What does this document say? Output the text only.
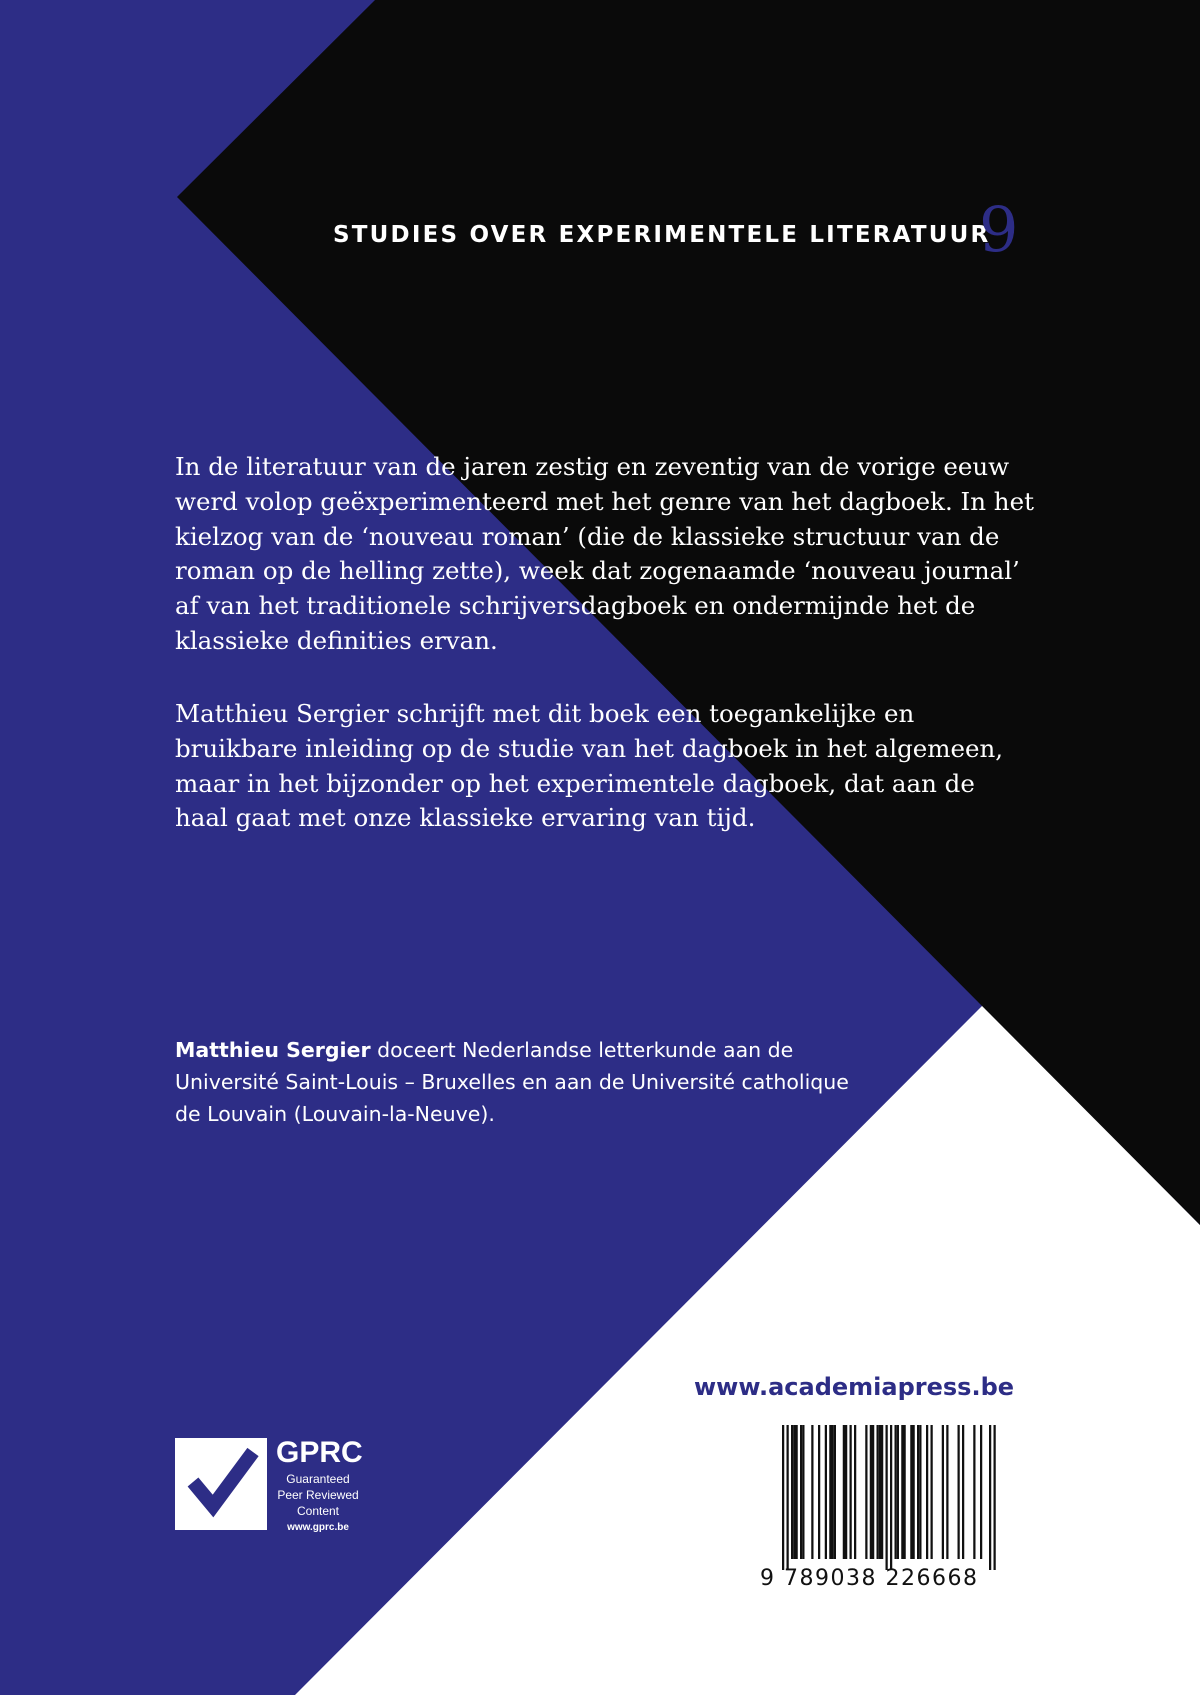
STUDIES OVER EXPERIMENTELE LITERATUUR
9

In de literatuur van de jaren zestig en zeventig van de vorige eeuw werd volop geëxperimenteerd met het genre van het dagboek. In het kielzog van de ‘nouveau roman’ (die de klassieke structuur van de roman op de helling zette), week dat zogenaamde ‘nouveau journal’ af van het traditionele schrijversdagboek en ondermijnde het de klassieke definities ervan.

Matthieu Sergier schrijft met dit boek een toegankelijke en bruikbare inleiding op de studie van het dagboek in het algemeen, maar in het bijzonder op het experimentele dagboek, dat aan de haal gaat met onze klassieke ervaring van tijd.

Matthieu Sergier doceert Nederlandse letterkunde aan de Université Saint-Louis – Bruxelles en aan de Université catholique de Louvain (Louvain-la-Neuve).

www.academiapress.be
GPRC
Guaranteed
Peer Reviewed
Content
www.gprc.be
9 789038 226668
